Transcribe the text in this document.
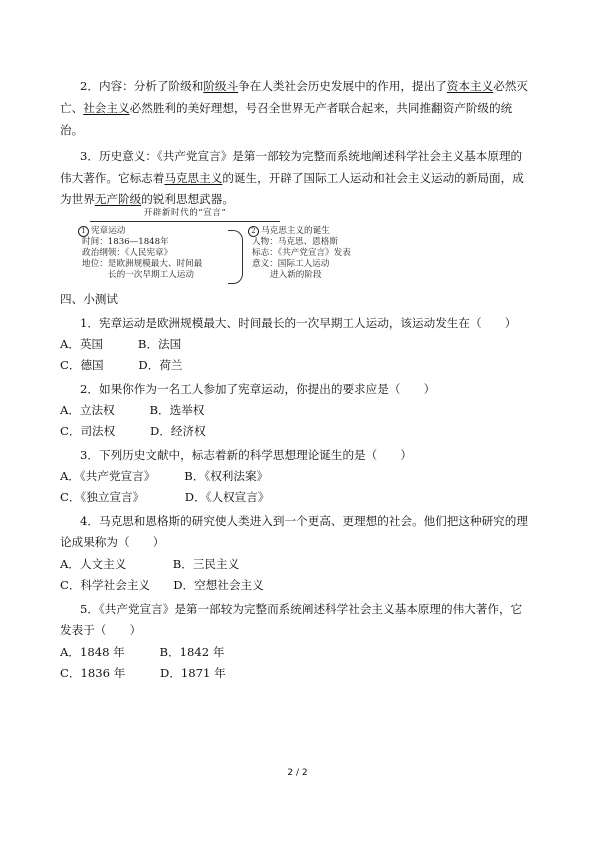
2．内容：分析了阶级和阶级斗争在人类社会历史发展中的作用，提出了资本主义必然灭
亡、社会主义必然胜利的美好理想，号召全世界无产者联合起来，共同推翻资产阶级的统
治。
3．历史意义：《共产党宣言》是第一部较为完整而系统地阐述科学社会主义基本原理的
伟大著作。它标志着马克思主义的诞生，开辟了国际工人运动和社会主义运动的新局面，成
为世界无产阶级的锐利思想武器。
开辟新时代的“宣言”
1 宪章运动
时间：1836—1848年
政治纲领：《人民宪章》
地位：是欧洲规模最大、时间最
长的一次早期工人运动
2 马克思主义的诞生
人物：马克思、恩格斯
标志：《共产党宣言》发表
意义：国际工人运动
进入新的阶段
四、小测试
1．宪章运动是欧洲规模最大、时间最长的一次早期工人运动，该运动发生在（　　）
A．英国　　　B．法国
C．德国　　　D．荷兰
2．如果你作为一名工人参加了宪章运动，你提出的要求应是（　　）
A．立法权　　　B．选举权
C．司法权　　　D．经济权
3．下列历史文献中，标志着新的科学思想理论诞生的是（　　）
A．《共产党宣言》　　　B．《权利法案》
C．《独立宣言》　　　　D．《人权宣言》
4．马克思和恩格斯的研究使人类进入到一个更高、更理想的社会。他们把这种研究的理
论成果称为（　　）
A．人文主义　　　　B．三民主义
C．科学社会主义　　D．空想社会主义
5．《共产党宣言》是第一部较为完整而系统阐述科学社会主义基本原理的伟大著作，它
发表于（　　）
A．1848 年　　　B．1842 年
C．1836 年　　　D．1871 年
2 / 2
